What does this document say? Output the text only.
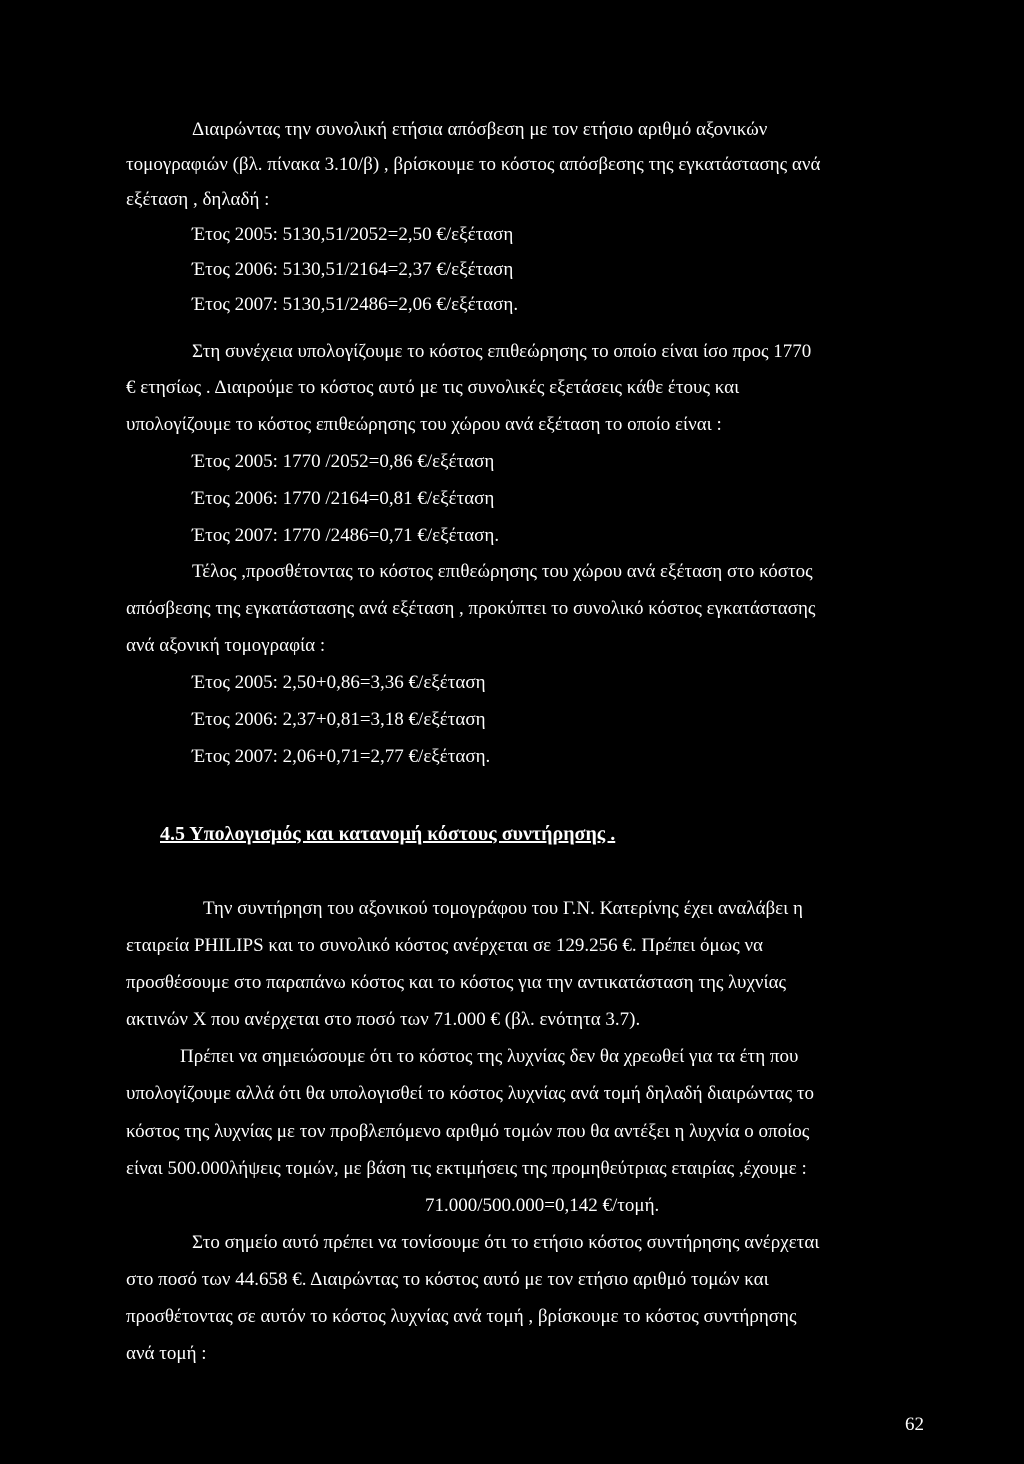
Διαιρώντας την συνολική ετήσια απόσβεση με τον ετήσιο αριθμό αξονικών
τομογραφιών (βλ. πίνακα 3.10/β) , βρίσκουμε το κόστος απόσβεσης της εγκατάστασης ανά
εξέταση , δηλαδή :
Έτος 2005: 5130,51/2052=2,50 €/εξέταση
Έτος 2006: 5130,51/2164=2,37 €/εξέταση
Έτος 2007: 5130,51/2486=2,06 €/εξέταση.
Στη συνέχεια υπολογίζουμε το κόστος επιθεώρησης το οποίο είναι ίσο προς 1770
€ ετησίως . Διαιρούμε το κόστος αυτό με τις συνολικές εξετάσεις κάθε έτους και
υπολογίζουμε το κόστος επιθεώρησης του χώρου ανά εξέταση το οποίο είναι :
Έτος 2005: 1770 /2052=0,86 €/εξέταση
Έτος 2006: 1770 /2164=0,81 €/εξέταση
Έτος 2007: 1770 /2486=0,71 €/εξέταση.
Τέλος ,προσθέτοντας το κόστος επιθεώρησης του χώρου ανά εξέταση στο κόστος
απόσβεσης της εγκατάστασης ανά εξέταση , προκύπτει το συνολικό κόστος εγκατάστασης
ανά αξονική τομογραφία :
Έτος 2005: 2,50+0,86=3,36 €/εξέταση
Έτος 2006: 2,37+0,81=3,18 €/εξέταση
Έτος 2007: 2,06+0,71=2,77 €/εξέταση.
4.5 Υπολογισμός και κατανομή κόστους συντήρησης .
Την συντήρηση του αξονικού τομογράφου του Γ.Ν. Κατερίνης έχει αναλάβει η
εταιρεία PHILIPS και το συνολικό κόστος ανέρχεται σε 129.256 €. Πρέπει όμως να
προσθέσουμε στο παραπάνω κόστος και το κόστος για την αντικατάσταση της λυχνίας
ακτινών Χ που ανέρχεται στο ποσό των 71.000 € (βλ. ενότητα 3.7).
Πρέπει να σημειώσουμε ότι το κόστος της λυχνίας δεν θα χρεωθεί για τα έτη που
υπολογίζουμε αλλά ότι θα υπολογισθεί το κόστος λυχνίας ανά τομή δηλαδή διαιρώντας το
κόστος της λυχνίας με τον προβλεπόμενο αριθμό τομών που θα αντέξει η λυχνία ο οποίος
είναι 500.000λήψεις τομών, με βάση τις εκτιμήσεις της προμηθεύτριας εταιρίας ,έχουμε :
71.000/500.000=0,142 €/τομή.
Στο σημείο αυτό πρέπει να τονίσουμε ότι το ετήσιο κόστος συντήρησης ανέρχεται
στο ποσό των 44.658 €. Διαιρώντας το κόστος αυτό με τον ετήσιο αριθμό τομών και
προσθέτοντας σε αυτόν το κόστος λυχνίας ανά τομή , βρίσκουμε το κόστος συντήρησης
ανά τομή :
62
